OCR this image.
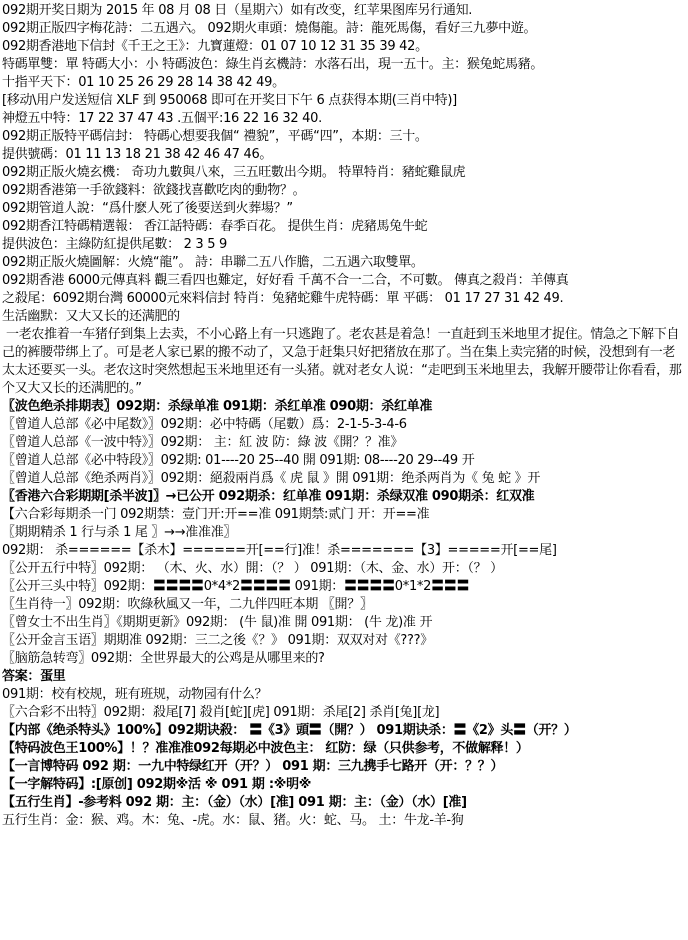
092期开奖日期为 2015 年 08 月 08 日（星期六）如有改变，红苹果图库另行通知.
092期正版四字梅花詩：二五遇六。 092期火車頭：燒傷龍。詩：龍死馬傷，看好三九夢中遊。
092期香港地下信封《千王之王》：九寶蓮燈：01 07 10 12 31 35 39 42。
特碼單雙：單 特碼大小：小 特碼波色：綠生肖玄機詩：水落石出，現一五十。主：猴兔蛇馬豬。
十指平天下：01 10 25 26 29 28 14 38 42 49。
[移动\用户发送短信 XLF 到 950068 即可在开奖日下午 6 点获得本期(三肖中特)]
神燈五中特：17 22 37 47 43 .五個平:16 22 16 32 40.
092期正版特平碼信封： 特碼心想要我個“ 禮貌”，平碼“四”，本期：三十。
提供號碼：01 11 13 18 21 38 42 46 47 46。
092期正版火燒玄機： 奇功九數與八來，三五旺數出今期。 特單特肖：豬蛇雞鼠虎
092期香港第一手欲錢料：欲錢找喜歡吃肉的動物？。
092期管道人說：“爲什麽人死了後要送到火葬場？”
092期香江特碼精選報： 香江話特碼：春季百花。 提供生肖：虎豬馬兔牛蛇
提供波色：主綠防紅提供尾數： 2 3 5 9
092期正版火燒圖解：火燒“龍”。 詩：串聯二五八作膽，二五遇六取雙單。
092期香港 6000元傳真料 觀三看四也難定，好好看 千萬不合一二合，不可數。 傳真之殺肖：羊傳真
之殺尾：6092期台灣 60000元來料信封 特肖：兔豬蛇雞牛虎特碼：單 平碼： 01 17 27 31 42 49.
生活幽默：又大又长的还满肥的
〖波色绝杀排期表〗092期：杀绿单准 091期：杀红单准 090期：杀红单准
〖曾道人总部《必中尾数》〗092期：必中特碼（尾數）爲：2-1-5-3-4-6
〖曾道人总部《一波中特》〗092期： 主：紅 波 防：綠 波《開？？准》
〖曾道人总部《必中特段》〗092期: 01----20 25--40 開 091期: 08----20 29--49 开
〖曾道人总部《绝杀两肖》〗092期：絕殺兩肖爲《 虎 鼠 》開 091期：绝杀两肖为《 兔 蛇 》开
〖香港六合彩期期[杀半波]〗→已公开 092期杀：红单准 091期：杀绿双准 090期杀：红双准
【六合彩每期杀一门 092期禁：壹门开:开==准 091期禁:贰门 开：开==准
〖期期精杀 1 行与杀 1 尾 〗→→准准准〗
092期： 杀======【杀木】======开[==行]准！杀=======【3】=====开[==尾]
〖公开五行中特〗092期： （木、火、水）開：（？ ） 091期：（木、金、水）开：（？ ）
〖公开三头中特〗092期：〓〓〓〓0*4*2〓〓〓〓 091期：〓〓〓〓0*1*2〓〓〓
〖生肖待一〗092期：吹綠秋風又一年，二九伴四旺本期 〖開？〗
〖曾女士不出生肖〗《期期更新》092期： (牛 鼠)准 開 091期： (牛 龙)准 开
〖公开金言玉语〗期期准 092期：三二之後《？》 091期：双双对对《???》
〖脑筋急转弯〗092期：全世界最大的公鸡是从哪里来的?
答案：蛋里
091期：校有校规，班有班规，动物园有什么？
〖六合彩不出特〗092期：殺尾[7] 殺肖[蛇][虎] 091期：杀尾[2] 杀肖[兔][龙]
【内部《绝杀特头》100%】092期诀殺： 〓《3》頭〓（開？） 091期诀杀：〓《2》头〓（开？）
【特码波色王100%】！？准准准092每期必中波色主： 红防：绿（只供参考，不做解释！）
【一言博特码 092 期：一九中特绿红开（开？） 091 期：三九携手七路开（开：？？）
【一字解特码】:[原创] 092期※活 ※ 091 期 :※明※
【五行生肖】-参考料 092 期：主：（金）（水）[准] 091 期：主：（金）（水）[准]
五行生肖：金：猴、鸡。木：兔、-虎。水：鼠、猪。火：蛇、马。 土：牛龙-羊-狗
一老农推着一车猪仔到集上去卖，不小心路上有一只逃跑了。老农甚是着急！一直赶到玉米地里才捉住。情急之下解下自己的裤腰带绑上了。可是老人家已累的搬不动了，又急于赶集只好把猪放在那了。当在集上卖完猪的时候，没想到有一老太太还要买一头。老农这时突然想起玉米地里还有一头猪。就对老女人说：“走吧到玉米地里去，我解开腰带让你看看，那个又大又长的还满肥的。”
